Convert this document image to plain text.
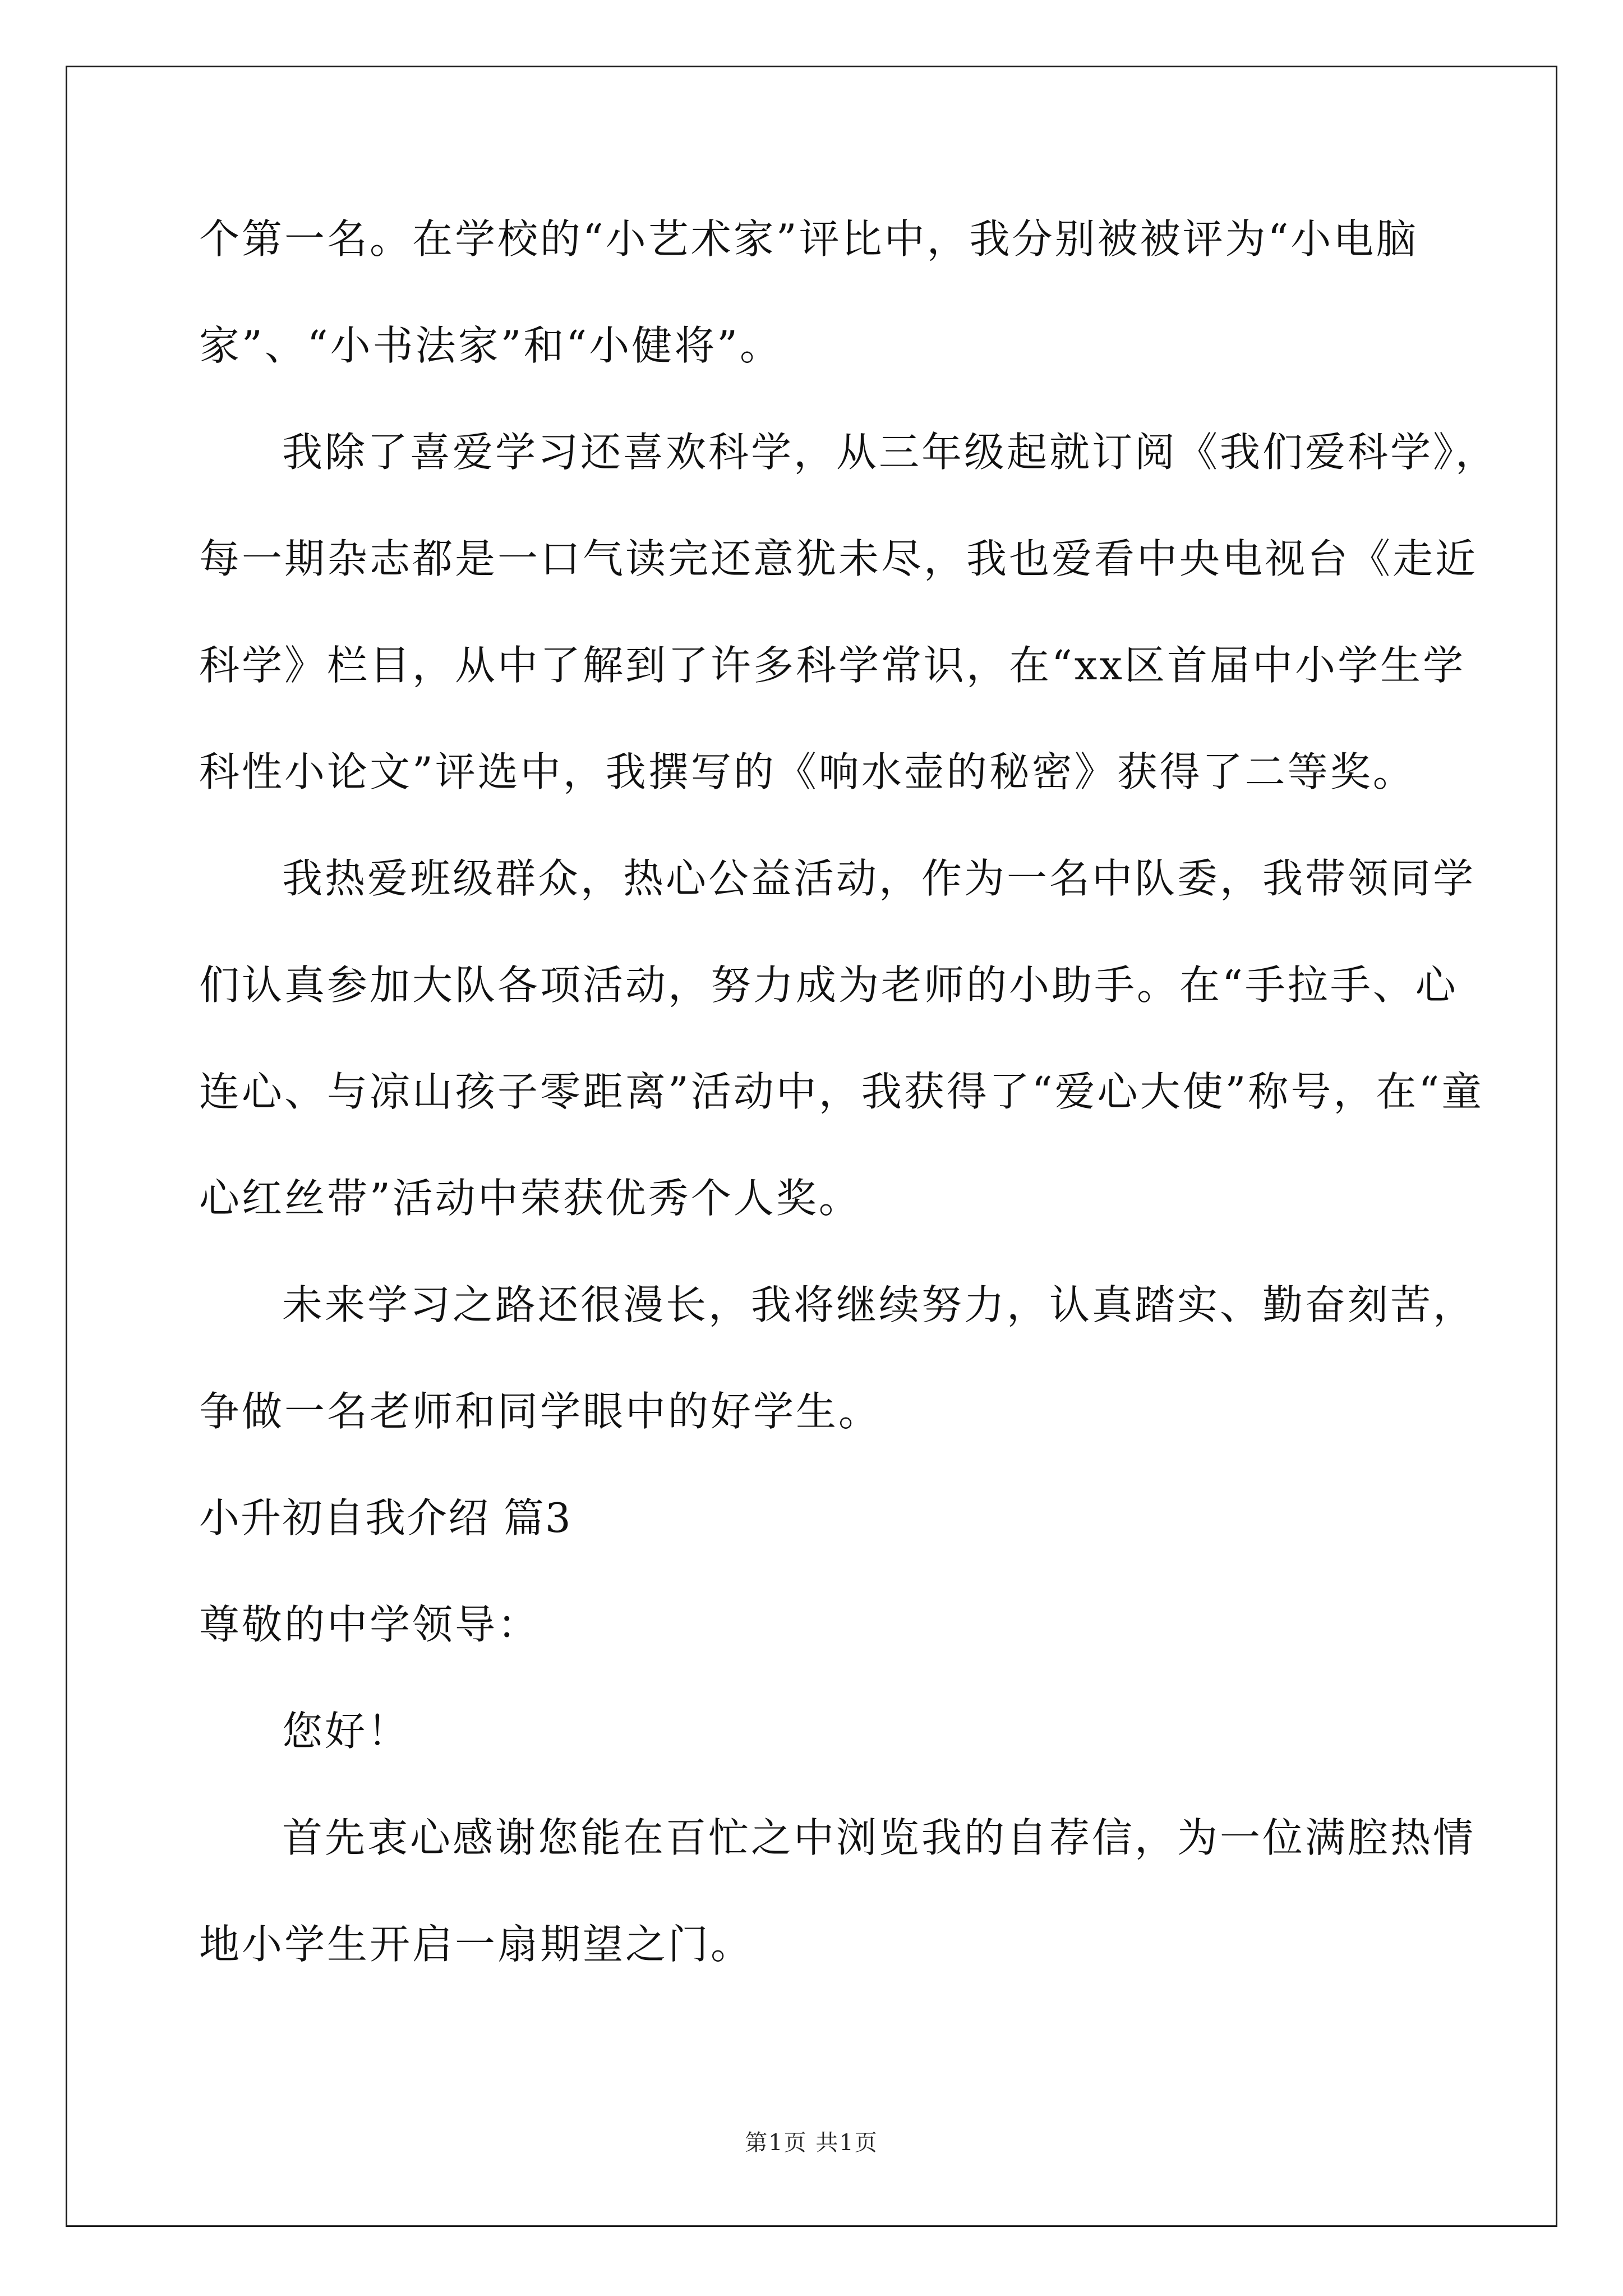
个第一名。在学校的“小艺术家”评比中，我分别被被评为“小电脑
家”、“小书法家”和“小健将”。
我除了喜爱学习还喜欢科学，从三年级起就订阅《我们爱科学》，
每一期杂志都是一口气读完还意犹未尽，我也爱看中央电视台《走近
科学》栏目，从中了解到了许多科学常识，在“xx区首届中小学生学
科性小论文”评选中，我撰写的《响水壶的秘密》获得了二等奖。
我热爱班级群众，热心公益活动，作为一名中队委，我带领同学
们认真参加大队各项活动，努力成为老师的小助手。在“手拉手、心
连心、与凉山孩子零距离”活动中，我获得了“爱心大使”称号，在“童
心红丝带”活动中荣获优秀个人奖。
未来学习之路还很漫长，我将继续努力，认真踏实、勤奋刻苦，
争做一名老师和同学眼中的好学生。
小升初自我介绍 篇3
尊敬的中学领导：
您好！
首先衷心感谢您能在百忙之中浏览我的自荐信，为一位满腔热情
地小学生开启一扇期望之门。
第1页 共1页
